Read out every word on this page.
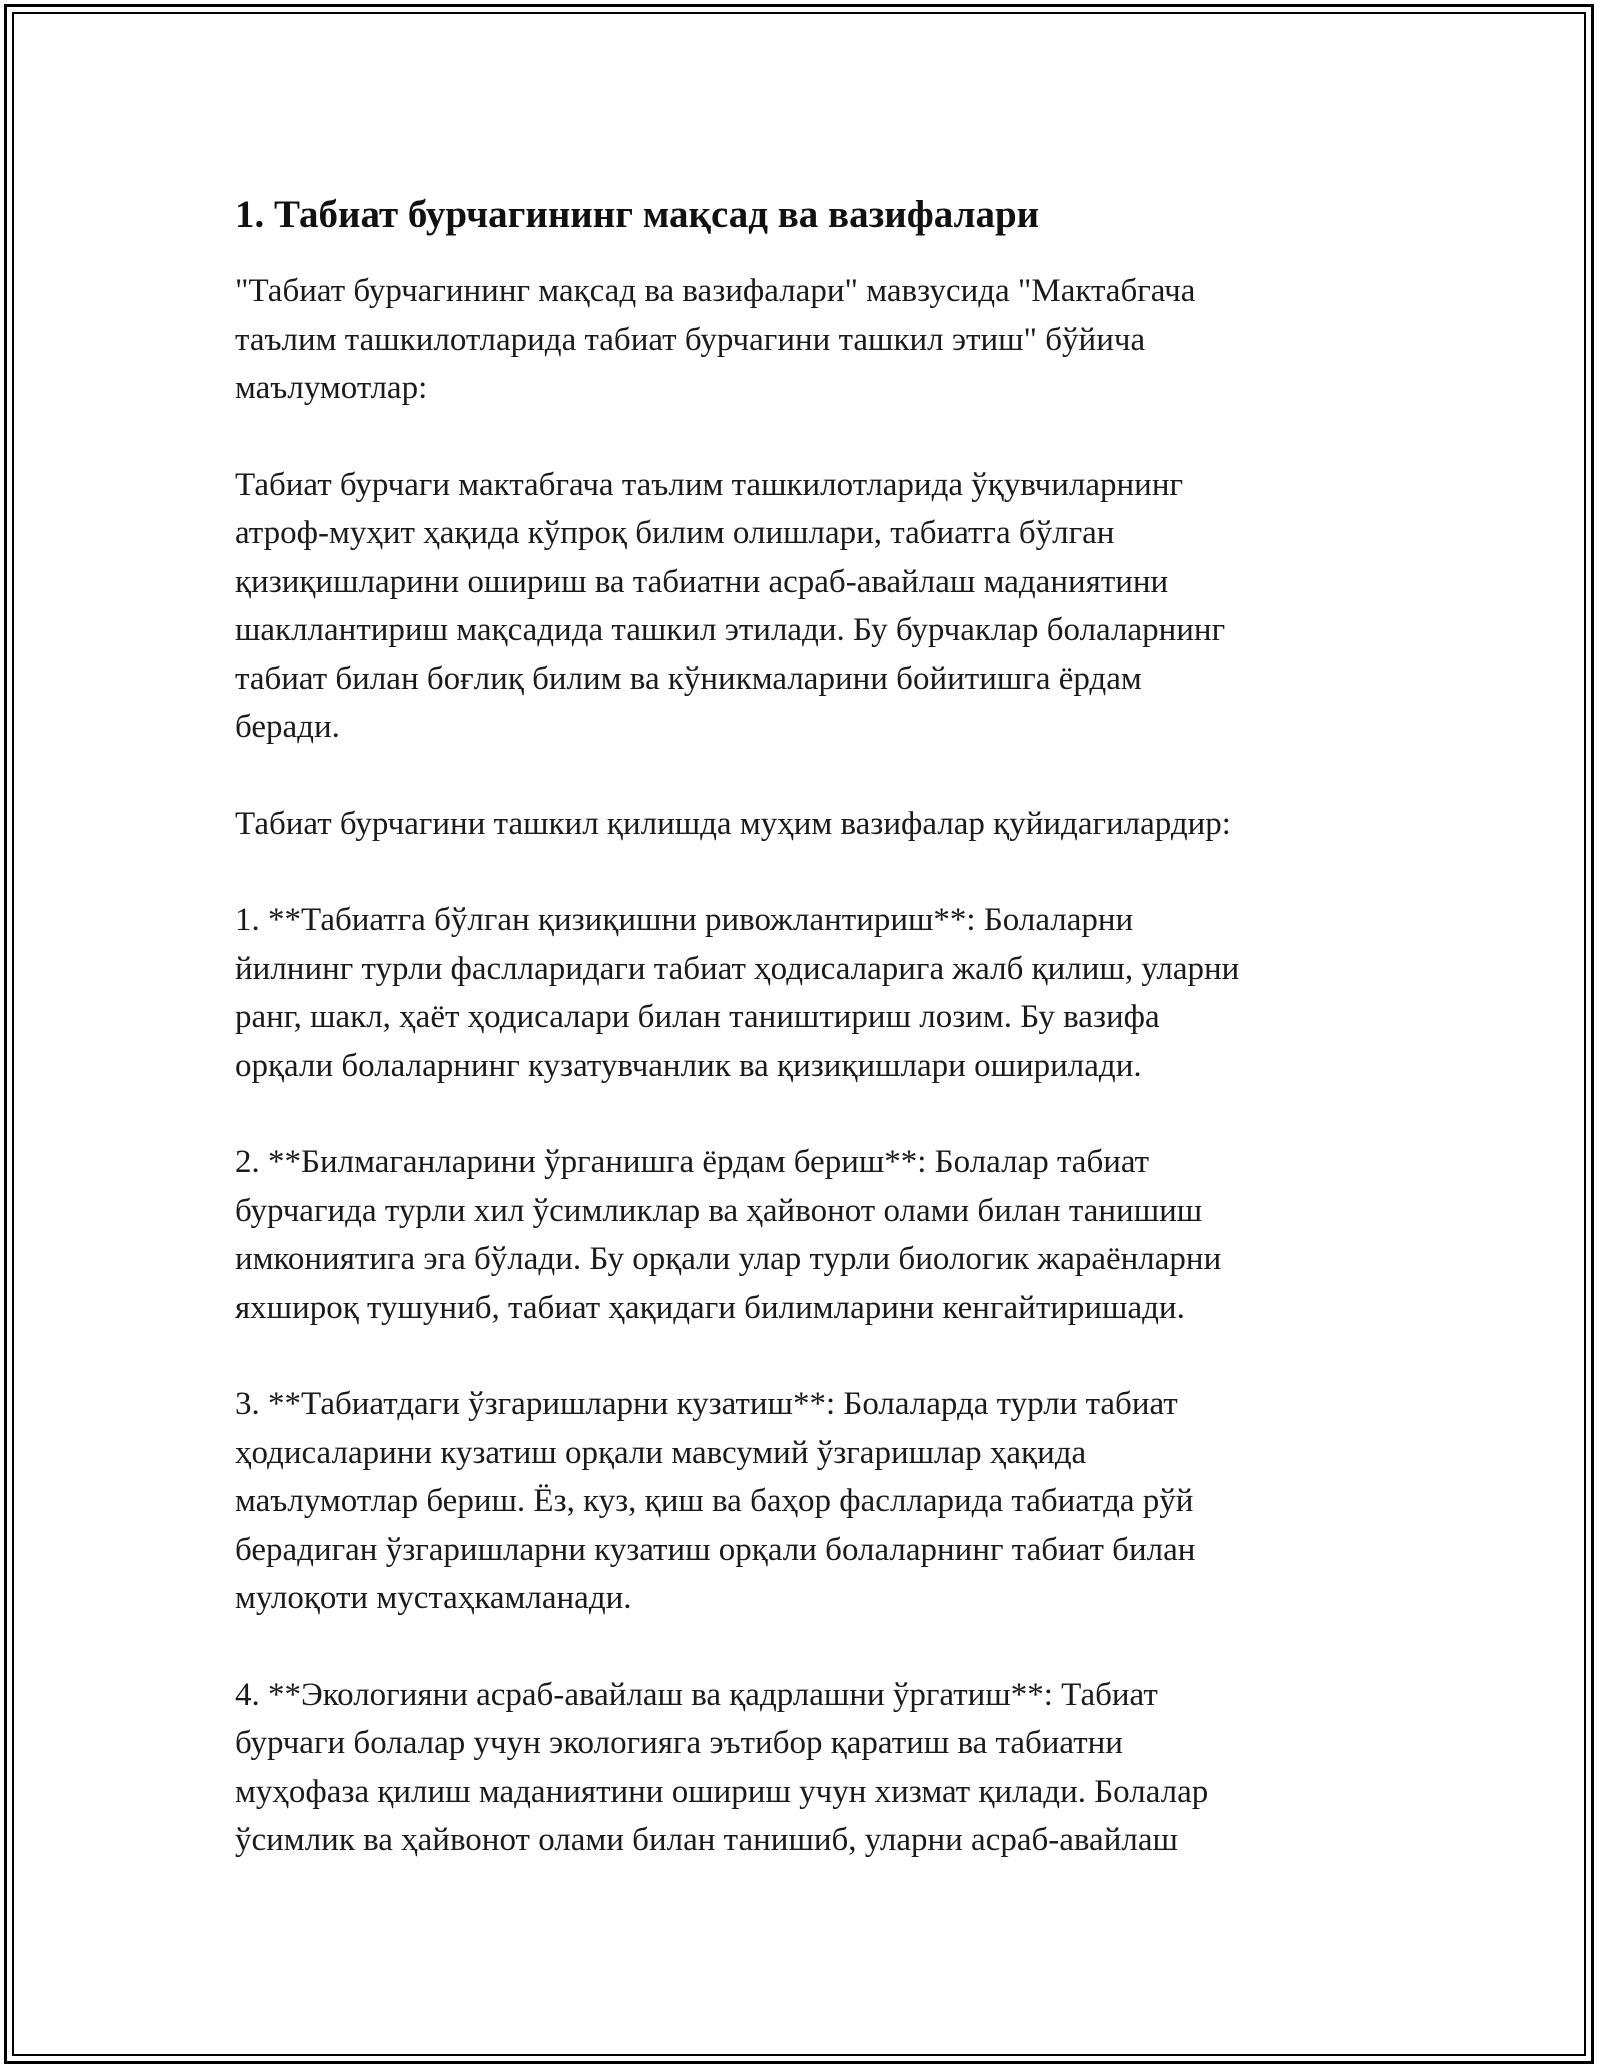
1. Табиат бурчагининг мақсад ва вазифалари

"Табиат бурчагининг мақсад ва вазифалари" мавзусида "Мактабгача
таълим ташкилотларида табиат бурчагини ташкил этиш" бўйича
маълумотлар:

Табиат бурчаги мактабгача таълим ташкилотларида ўқувчиларнинг
атроф-муҳит ҳақида кўпроқ билим олишлари, табиатга бўлган
қизиқишларини ошириш ва табиатни асраб-авайлаш маданиятини
шакллантириш мақсадида ташкил этилади. Бу бурчаклар болаларнинг
табиат билан боғлиқ билим ва кўникмаларини бойитишга ёрдам
беради.

Табиат бурчагини ташкил қилишда муҳим вазифалар қуйидагилардир:

1. **Табиатга бўлган қизиқишни ривожлантириш**: Болаларни
йилнинг турли фаслларидаги табиат ҳодисаларига жалб қилиш, уларни
ранг, шакл, ҳаёт ҳодисалари билан таништириш лозим. Бу вазифа
орқали болаларнинг кузатувчанлик ва қизиқишлари оширилади.

2. **Билмаганларини ўрганишга ёрдам бериш**: Болалар табиат
бурчагида турли хил ўсимликлар ва ҳайвонот олами билан танишиш
имкониятига эга бўлади. Бу орқали улар турли биологик жараёнларни
яхшироқ тушуниб, табиат ҳақидаги билимларини кенгайтиришади.

3. **Табиатдаги ўзгаришларни кузатиш**: Болаларда турли табиат
ҳодисаларини кузатиш орқали мавсумий ўзгаришлар ҳақида
маълумотлар бериш. Ёз, куз, қиш ва баҳор фаслларида табиатда рўй
берадиган ўзгаришларни кузатиш орқали болаларнинг табиат билан
мулоқоти мустаҳкамланади.

4. **Экологияни асраб-авайлаш ва қадрлашни ўргатиш**: Табиат
бурчаги болалар учун экологияга эътибор қаратиш ва табиатни
муҳофаза қилиш маданиятини ошириш учун хизмат қилади. Болалар
ўсимлик ва ҳайвонот олами билан танишиб, уларни асраб-авайлаш
